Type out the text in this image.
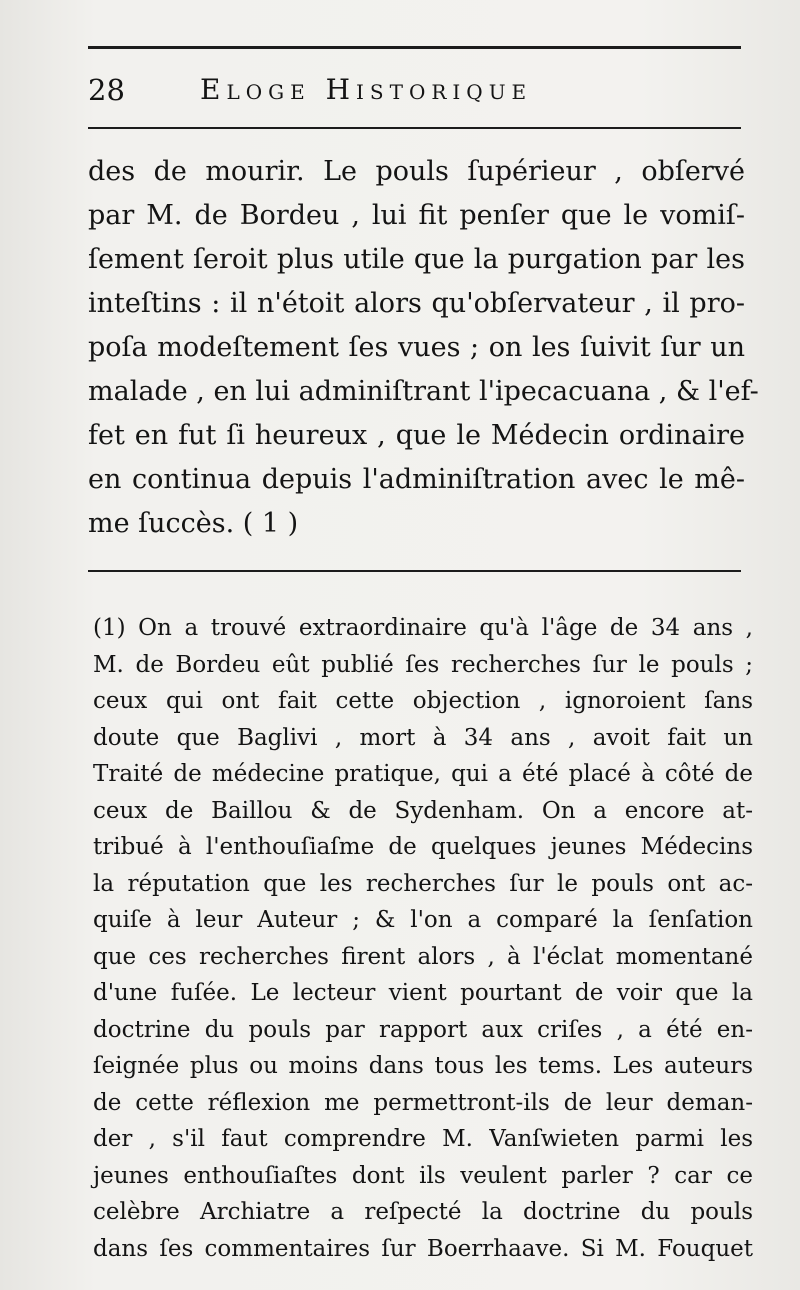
28	Eloge Historique
des de mourir. Le pouls ſupérieur , obſervé
par M. de Bordeu , lui fit penſer que le vomiſ-
ſement ſeroit plus utile que la purgation par les
inteſtins : il n'étoit alors qu'obſervateur , il pro-
poſa modeſtement ſes vues ; on les ſuivit ſur un
malade , en lui adminiſtrant l'ipecacuana , & l'ef-
fet en fut ſi heureux , que le Médecin ordinaire
en continua depuis l'adminiſtration avec le mê-
me ſuccès. ( 1 )
(1) On a trouvé extraordinaire qu'à l'âge de 34 ans ,
M. de Bordeu eût publié ſes recherches ſur le pouls ;
ceux qui ont fait cette objection , ignoroient ſans
doute que Baglivi , mort à 34 ans , avoit fait un
Traité de médecine pratique, qui a été placé à côté de
ceux de Baillou & de Sydenham. On a encore at-
tribué à l'enthouſiaſme de quelques jeunes Médecins
la réputation que les recherches ſur le pouls ont ac-
quiſe à leur Auteur ; & l'on a comparé la ſenſation
que ces recherches firent alors , à l'éclat momentané
d'une fuſée. Le lecteur vient pourtant de voir que la
doctrine du pouls par rapport aux criſes , a été en-
ſeignée plus ou moins dans tous les tems. Les auteurs
de cette réflexion me permettront-ils de leur deman-
der , s'il faut comprendre M. Vanſwieten parmi les
jeunes enthouſiaſtes dont ils veulent parler ? car ce
celèbre Archiatre a reſpecté la doctrine du pouls
dans ſes commentaires ſur Boerrhaave. Si M. Fouquet
